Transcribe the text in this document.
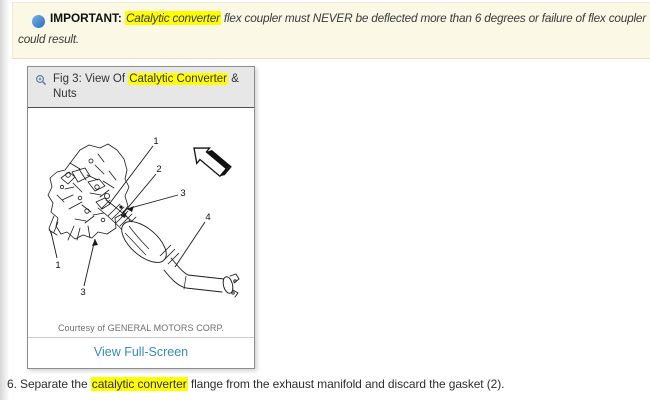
iIMPORTANT: Catalytic converter flex coupler must NEVER be deflected more than 6 degrees or failure of flex coupler could result.

Fig 3: View Of Catalytic Converter & Nuts
1
2
3
4
1
3
Courtesy of GENERAL MOTORS CORP.
View Full-Screen
6. Separate the catalytic converter flange from the exhaust manifold and discard the gasket (2).
